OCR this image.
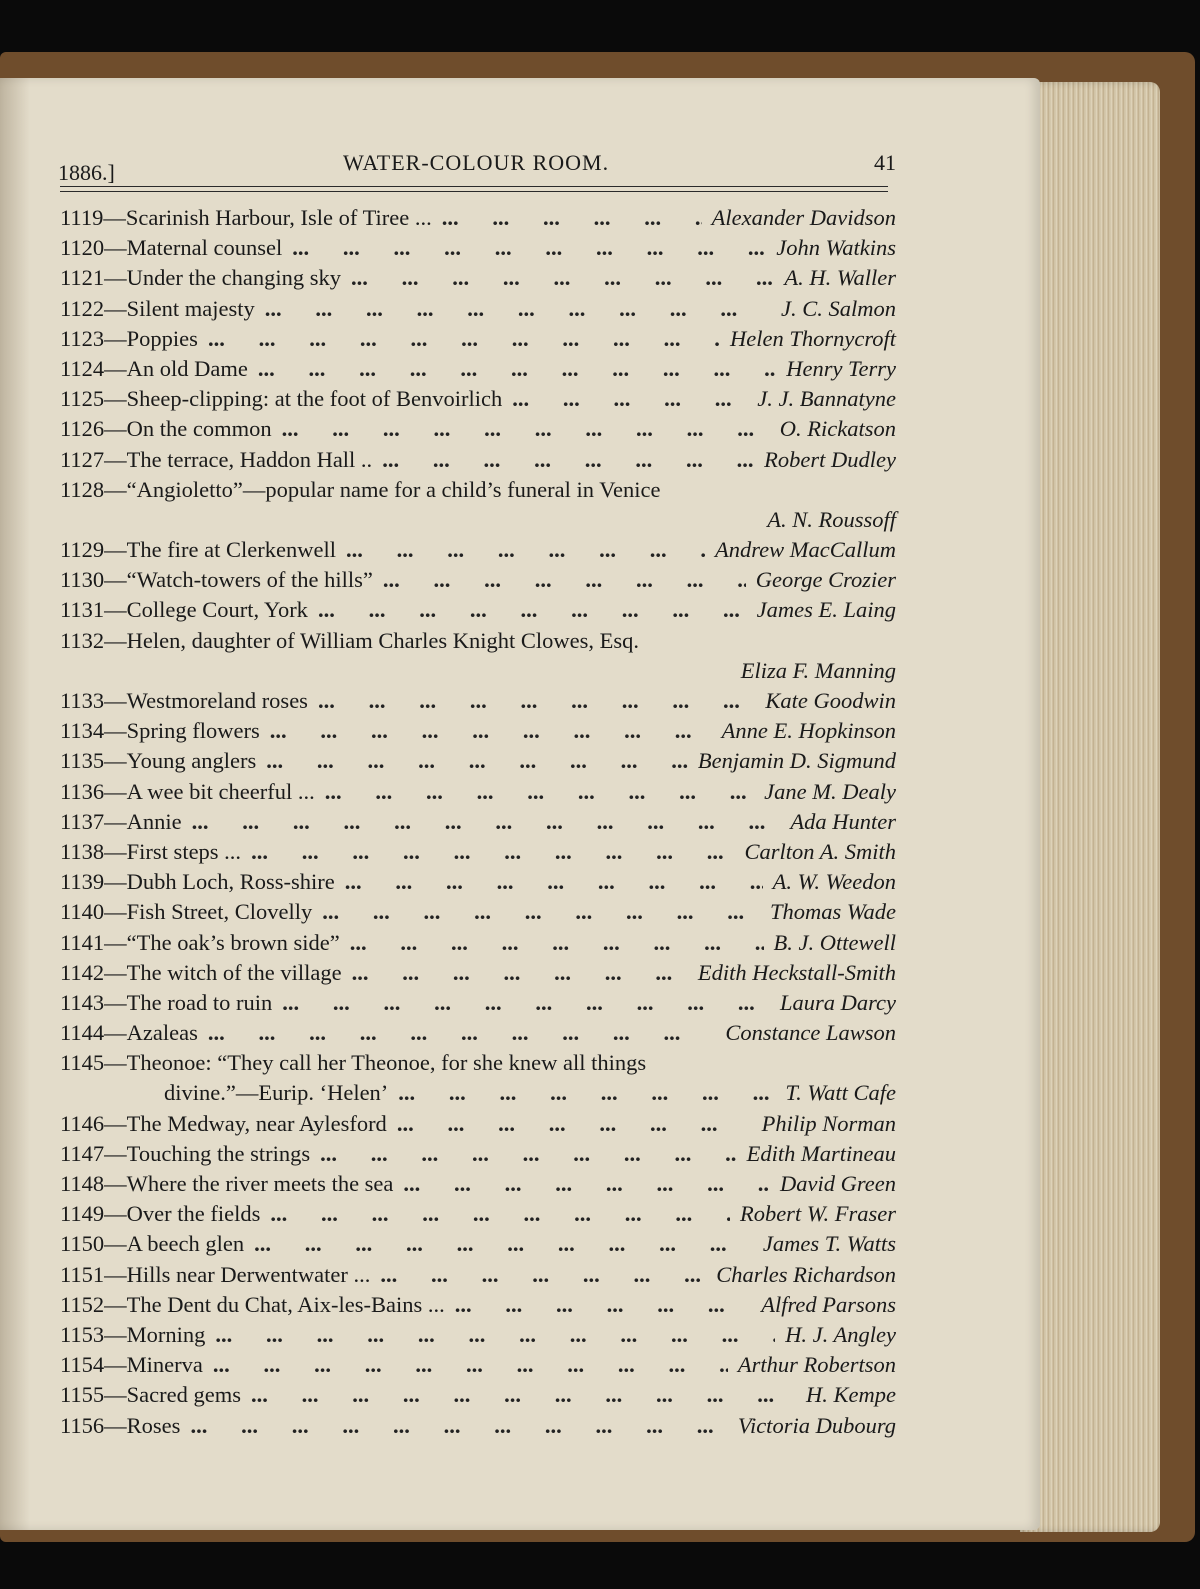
1886.]	WATER-COLOUR ROOM.	41
1119 — Scarinish Harbour, Isle of Tiree ... ...	Alexander Davidson
1120 — Maternal counsel ...	John Watkins
1121 — Under the changing sky ...	A. H. Waller
1122 — Silent majesty ...	J. C. Salmon
1123 — Poppies ...	Helen Thornycroft
1124 — An old Dame ...	Henry Terry
1125 — Sheep-clipping: at the foot of Benvoirlich ...	J. J. Bannatyne
1126 — On the common ...	O. Rickatson
1127 — The terrace, Haddon Hall .. ...	Robert Dudley
1128 — “Angioletto”—popular name for a child’s funeral in Venice
A. N. Roussoff
1129 — The fire at Clerkenwell ...	Andrew MacCallum
1130 — “Watch-towers of the hills” ...	George Crozier
1131 — College Court, York ...	James E. Laing
1132 — Helen, daughter of William Charles Knight Clowes, Esq.
Eliza F. Manning
1133 — Westmoreland roses ...	Kate Goodwin
1134 — Spring flowers ...	Anne E. Hopkinson
1135 — Young anglers ...	Benjamin D. Sigmund
1136 — A wee bit cheerful ... ...	Jane M. Dealy
1137 — Annie ...	Ada Hunter
1138 — First steps ... ...	Carlton A. Smith
1139 — Dubh Loch, Ross-shire ...	A. W. Weedon
1140 — Fish Street, Clovelly ...	Thomas Wade
1141 — “The oak’s brown side” ...	B. J. Ottewell
1142 — The witch of the village ...	Edith Heckstall-Smith
1143 — The road to ruin ...	Laura Darcy
1144 — Azaleas ...	Constance Lawson
1145 — Theonoe: “They call her Theonoe, for she knew all things
divine.”—Eurip. ‘Helen’ ...	T. Watt Cafe
1146 — The Medway, near Aylesford ...	Philip Norman
1147 — Touching the strings ...	Edith Martineau
1148 — Where the river meets the sea ...	David Green
1149 — Over the fields ...	Robert W. Fraser
1150 — A beech glen ...	James T. Watts
1151 — Hills near Derwentwater ... ...	Charles Richardson
1152 — The Dent du Chat, Aix-les-Bains ... ...	Alfred Parsons
1153 — Morning ...	H. J. Angley
1154 — Minerva ...	Arthur Robertson
1155 — Sacred gems ...	H. Kempe
1156 — Roses ...	Victoria Dubourg
